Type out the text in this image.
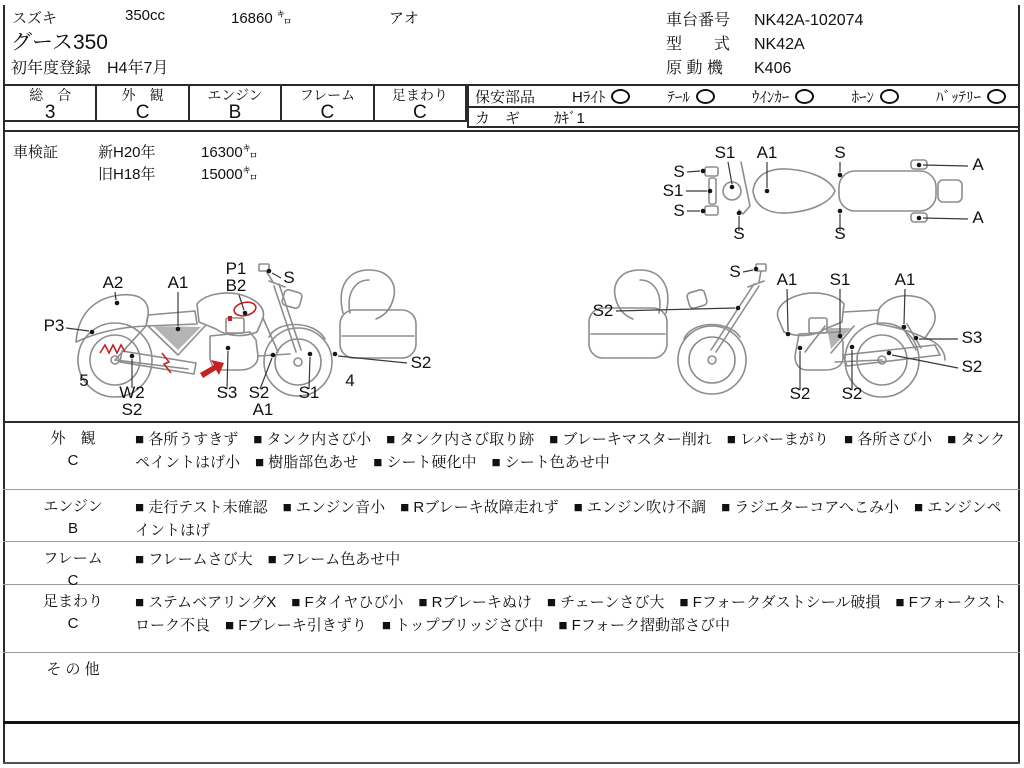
スズキ	350cc	16860 ㌔	アオ
グース350
初年度登録 H4年7月
車台番号 NK42A-102074
型　　式 NK42A
原 動 機 K406
総　合
3
外　観
C
エンジン
B
フレーム
C
足まわり
C
保安部品 Hﾗｲﾄ	ﾃｰﾙ	ｳｲﾝｶｰ	ﾎｰﾝ	ﾊﾞｯﾃﾘｰ
カ　ギ ｶｷﾞ1
車検証	新H20年	16300㌔
旧H18年	15000㌔
S1 A1	S
S
S1
S
A
A
S	S
A2	A1
P1
B2 S
P3
5
W2
S2
S3 S2
A1
S1
4
S2
S A1 S1	A1
S2
S3
S2
S2 S2
外　観
C
■ 各所うすきず ■ タンク内さび小 ■ タンク内さび取り跡 ■ ブレーキマスター削れ ■ レバーまがり ■ 各所さび小 ■ タンクペイントはげ小 ■ 樹脂部色あせ ■ シート硬化中 ■ シート色あせ中
エンジン
B
■ 走行テスト未確認 ■ エンジン音小 ■ Rブレーキ故障走れず ■ エンジン吹け不調 ■ ラジエターコアへこみ小 ■ エンジンペイントはげ
フレーム
C
■ フレームさび大 ■ フレーム色あせ中
足まわり
C
■ ステムベアリングX ■ Fタイヤひび小 ■ Rブレーキぬけ ■ チェーンさび大 ■ Fフォークダストシール破損 ■ Fフォークストローク不良 ■ Fブレーキ引きずり ■ トップブリッジさび中 ■ Fフォーク摺動部さび中
そ の 他
